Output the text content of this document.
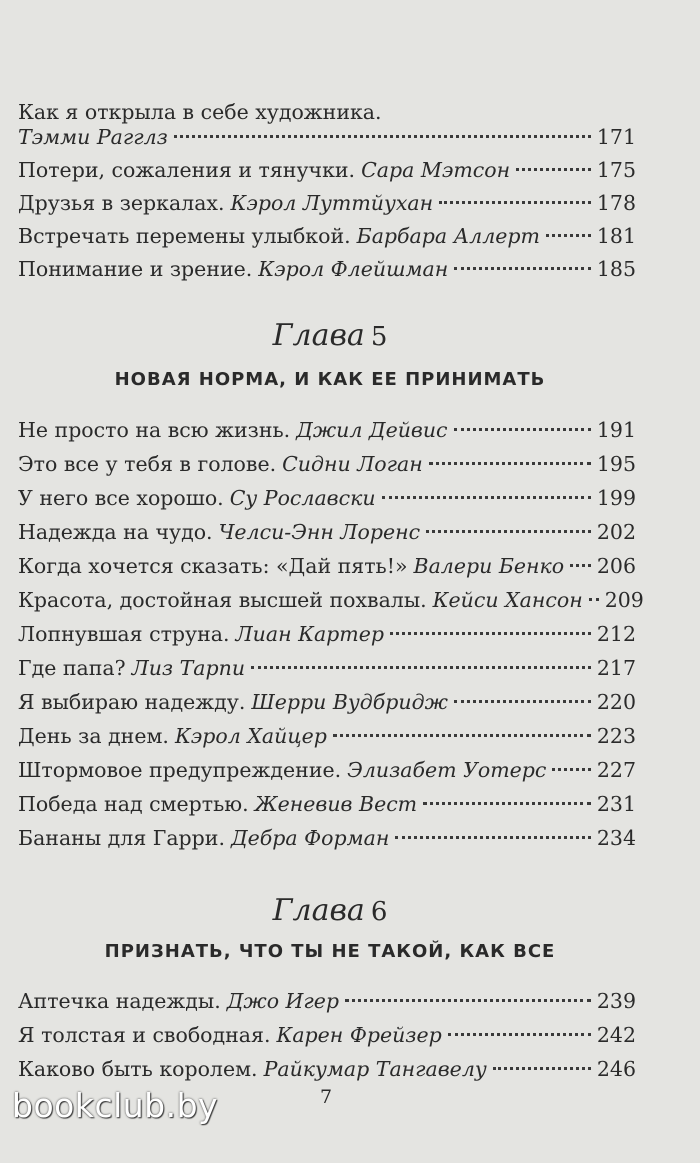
Как я открыла в себе художника.
Тэмми Рагглз	171
Потери, сожаления и тянучки. Сара Мэтсон	175
Друзья в зеркалах. Кэрол Луттйухан	178
Встречать перемены улыбкой. Барбара Аллерт	181
Понимание и зрение. Кэрол Флейшман	185
Глава 5
НОВАЯ НОРМА, И КАК ЕЕ ПРИНИМАТЬ
Не просто на всю жизнь. Джил Дейвис	191
Это все у тебя в голове. Сидни Логан	195
У него все хорошо. Су Рославски	199
Надежда на чудо. Челси-Энн Лоренс	202
Когда хочется сказать: «Дай пять!» Валери Бенко 206
Красота, достойная высшей похвалы. Кейси Хансон 209
Лопнувшая струна. Лиан Картер	212
Где папа? Лиз Тарпи	217
Я выбираю надежду. Шерри Вудбридж	220
День за днем. Кэрол Хайцер	223
Штормовое предупреждение. Элизабет Уотерс 227
Победа над смертью. Женевив Вест	231
Бананы для Гарри. Дебра Форман	234
Глава 6
ПРИЗНАТЬ, ЧТО ТЫ НЕ ТАКОЙ, КАК ВСЕ
Аптечка надежды. Джо Игер	239
Я толстая и свободная. Карен Фрейзер	242
Каково быть королем. Райкумар Тангавелу	246
7
bookclub.by
